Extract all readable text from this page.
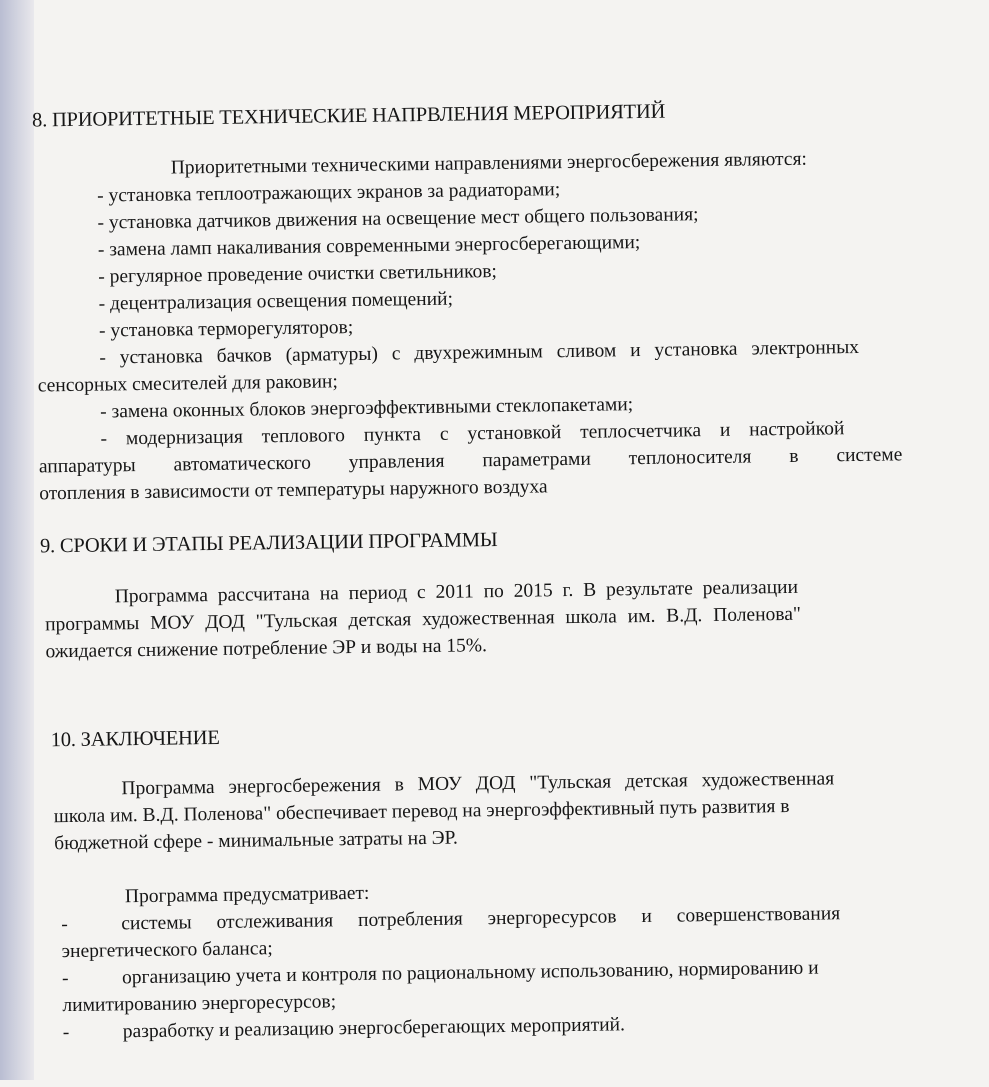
8. ПРИОРИТЕТНЫЕ ТЕХНИЧЕСКИЕ НАПРВЛЕНИЯ МЕРОПРИЯТИЙ
Приоритетными техническими направлениями энергосбережения являются:
- установка теплоотражающих экранов за радиаторами;
- установка датчиков движения на освещение мест общего пользования;
- замена ламп накаливания современными энергосберегающими;
- регулярное проведение очистки светильников;
- децентрализация освещения помещений;
- установка терморегуляторов;
- установка бачков (арматуры) с двухрежимным сливом и установка электронных
сенсорных смесителей для раковин;
- замена оконных блоков энергоэффективными стеклопакетами;
- модернизация теплового пункта с установкой теплосчетчика и настройкой
аппаратуры автоматического управления параметрами теплоносителя в системе
отопления в зависимости от температуры наружного воздуха
9. СРОКИ И ЭТАПЫ РЕАЛИЗАЦИИ ПРОГРАММЫ
Программа рассчитана на период с 2011 по 2015 г. В результате реализации
программы МОУ ДОД "Тульская детская художественная школа им. В.Д. Поленова"
ожидается снижение потребление ЭР и воды на 15%.
10. ЗАКЛЮЧЕНИЕ
Программа энергосбережения в МОУ ДОД "Тульская детская художественная
школа им. В.Д. Поленова" обеспечивает перевод на энергоэффективный путь развития в
бюджетной сфере - минимальные затраты на ЭР.
Программа предусматривает:
-	системы отслеживания потребления энергоресурсов и совершенствования
энергетического баланса;
-	организацию учета и контроля по рациональному использованию, нормированию и
лимитированию энергоресурсов;
-	разработку и реализацию энергосберегающих мероприятий.
